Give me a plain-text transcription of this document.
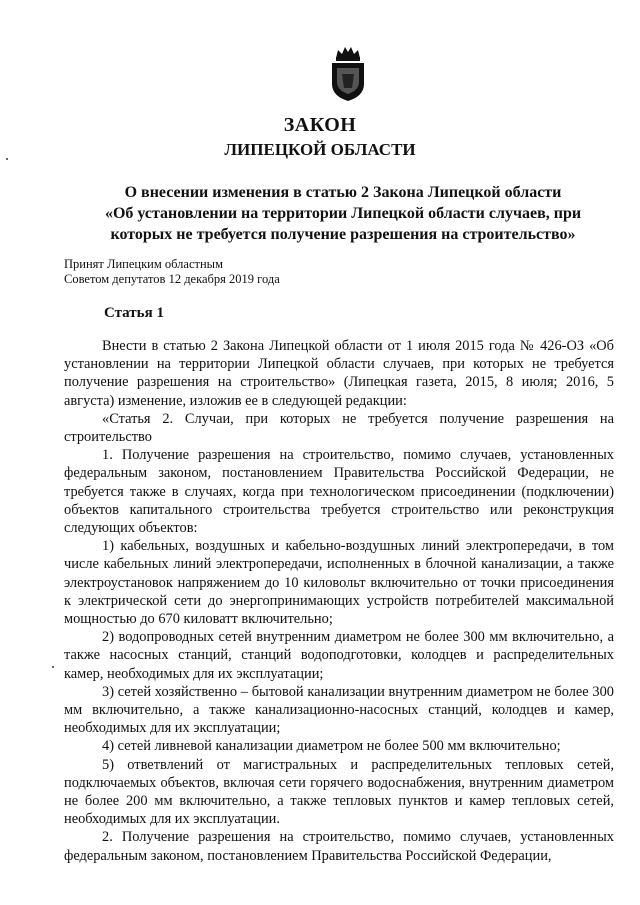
ЗАКОН
ЛИПЕЦКОЙ ОБЛАСТИ
О внесении изменения в статью 2 Закона Липецкой области
«Об установлении на территории Липецкой области случаев, при
которых не требуется получение разрешения на строительство»
Принят Липецким областным
Советом депутатов 12 декабря 2019 года
Статья 1

Внести в статью 2 Закона Липецкой области от 1 июля 2015 года № 426-ОЗ «Об установлении на территории Липецкой области случаев, при которых не требуется получение разрешения на строительство» (Липецкая газета, 2015, 8 июля; 2016, 5 августа) изменение, изложив ее в следующей редакции:

«Статья 2. Случаи, при которых не требуется получение разрешения на строительство

1. Получение разрешения на строительство, помимо случаев, установленных федеральным законом, постановлением Правительства Российской Федерации, не требуется также в случаях, когда при технологическом присоединении (подключении) объектов капитального строительства требуется строительство или реконструкция следующих объектов:

1) кабельных, воздушных и кабельно-воздушных линий электропередачи, в том числе кабельных линий электропередачи, исполненных в блочной канализации, а также электроустановок напряжением до 10 киловольт включительно от точки присоединения к электрической сети до энергопринимающих устройств потребителей максимальной мощностью до 670 киловатт включительно;

2) водопроводных сетей внутренним диаметром не более 300 мм включительно, а также насосных станций, станций водоподготовки, колодцев и распределительных камер, необходимых для их эксплуатации;

3) сетей хозяйственно – бытовой канализации внутренним диаметром не более 300 мм включительно, а также канализационно-насосных станций, колодцев и камер, необходимых для их эксплуатации;

4) сетей ливневой канализации диаметром не более 500 мм включительно;

5) ответвлений от магистральных и распределительных тепловых сетей, подключаемых объектов, включая сети горячего водоснабжения, внутренним диаметром не более 200 мм включительно, а также тепловых пунктов и камер тепловых сетей, необходимых для их эксплуатации.

2. Получение разрешения на строительство, помимо случаев, установленных федеральным законом, постановлением Правительства Российской Федерации,
